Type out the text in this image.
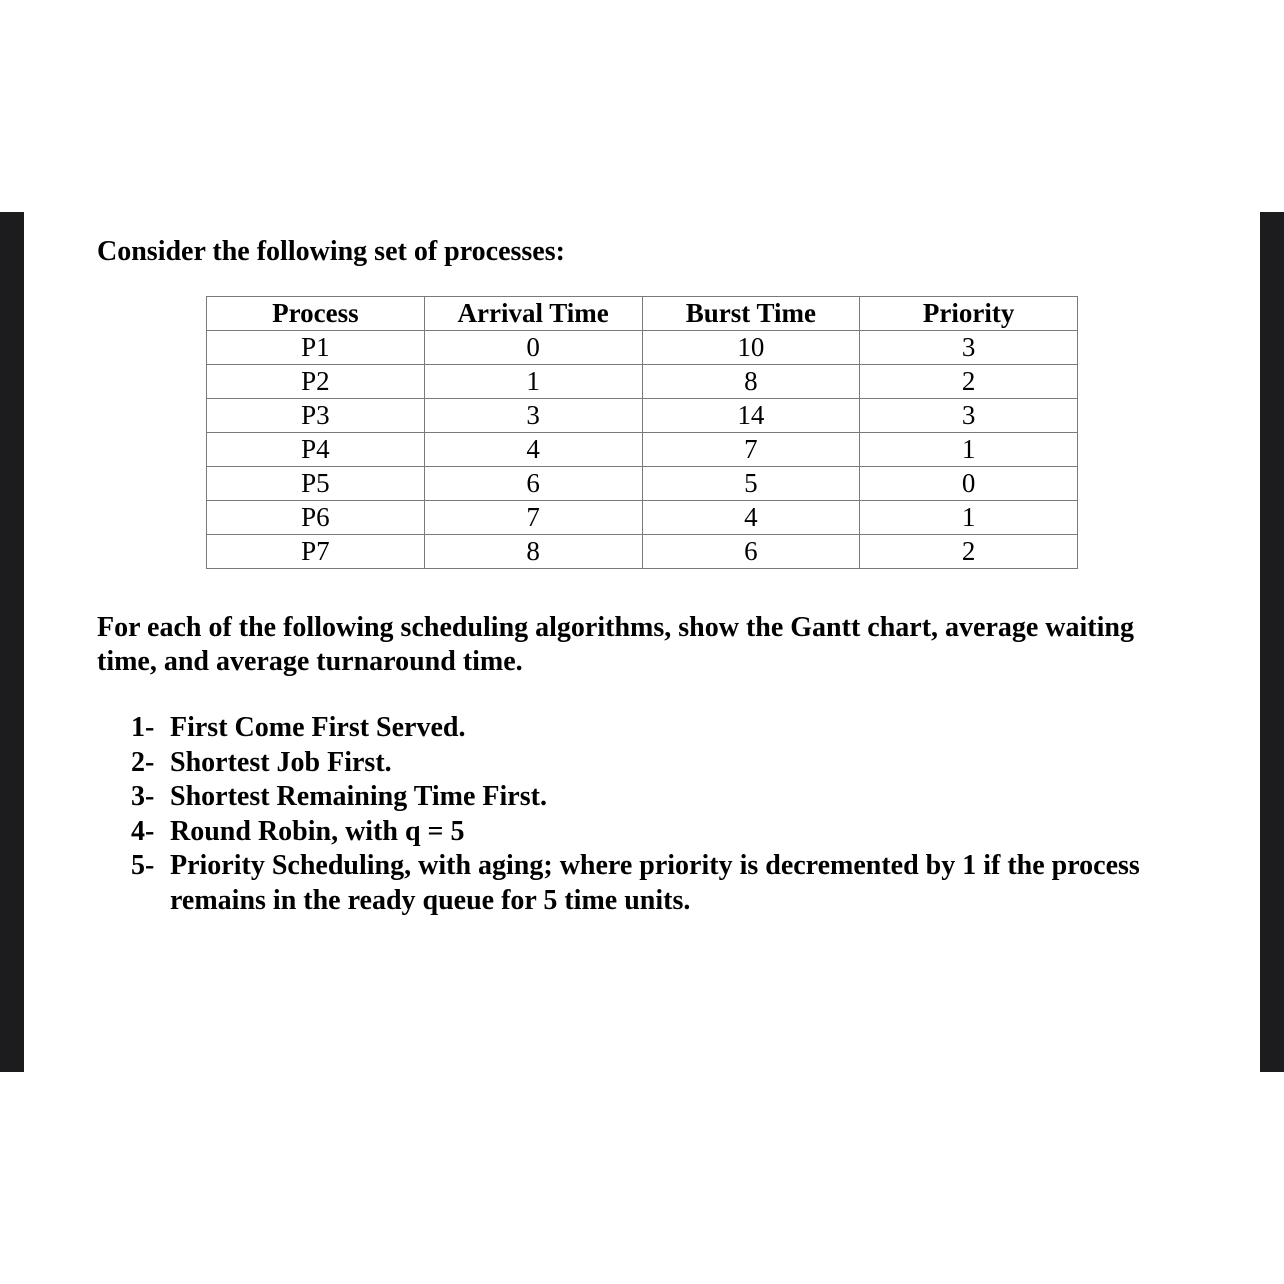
Consider the following set of processes:
Process	Arrival Time	Burst Time	Priority
P1	0	10	3
P2	1	8	2
P3	3	14	3
P4	4	7	1
P5	6	5	0
P6	7	4	1
P7	8	6	2
For each of the following scheduling algorithms, show the Gantt chart, average waiting time, and average turnaround time.
1- First Come First Served.
2- Shortest Job First.
3- Shortest Remaining Time First.
4- Round Robin, with q = 5
5- Priority Scheduling, with aging; where priority is decremented by 1 if the process remains in the ready queue for 5 time units.
